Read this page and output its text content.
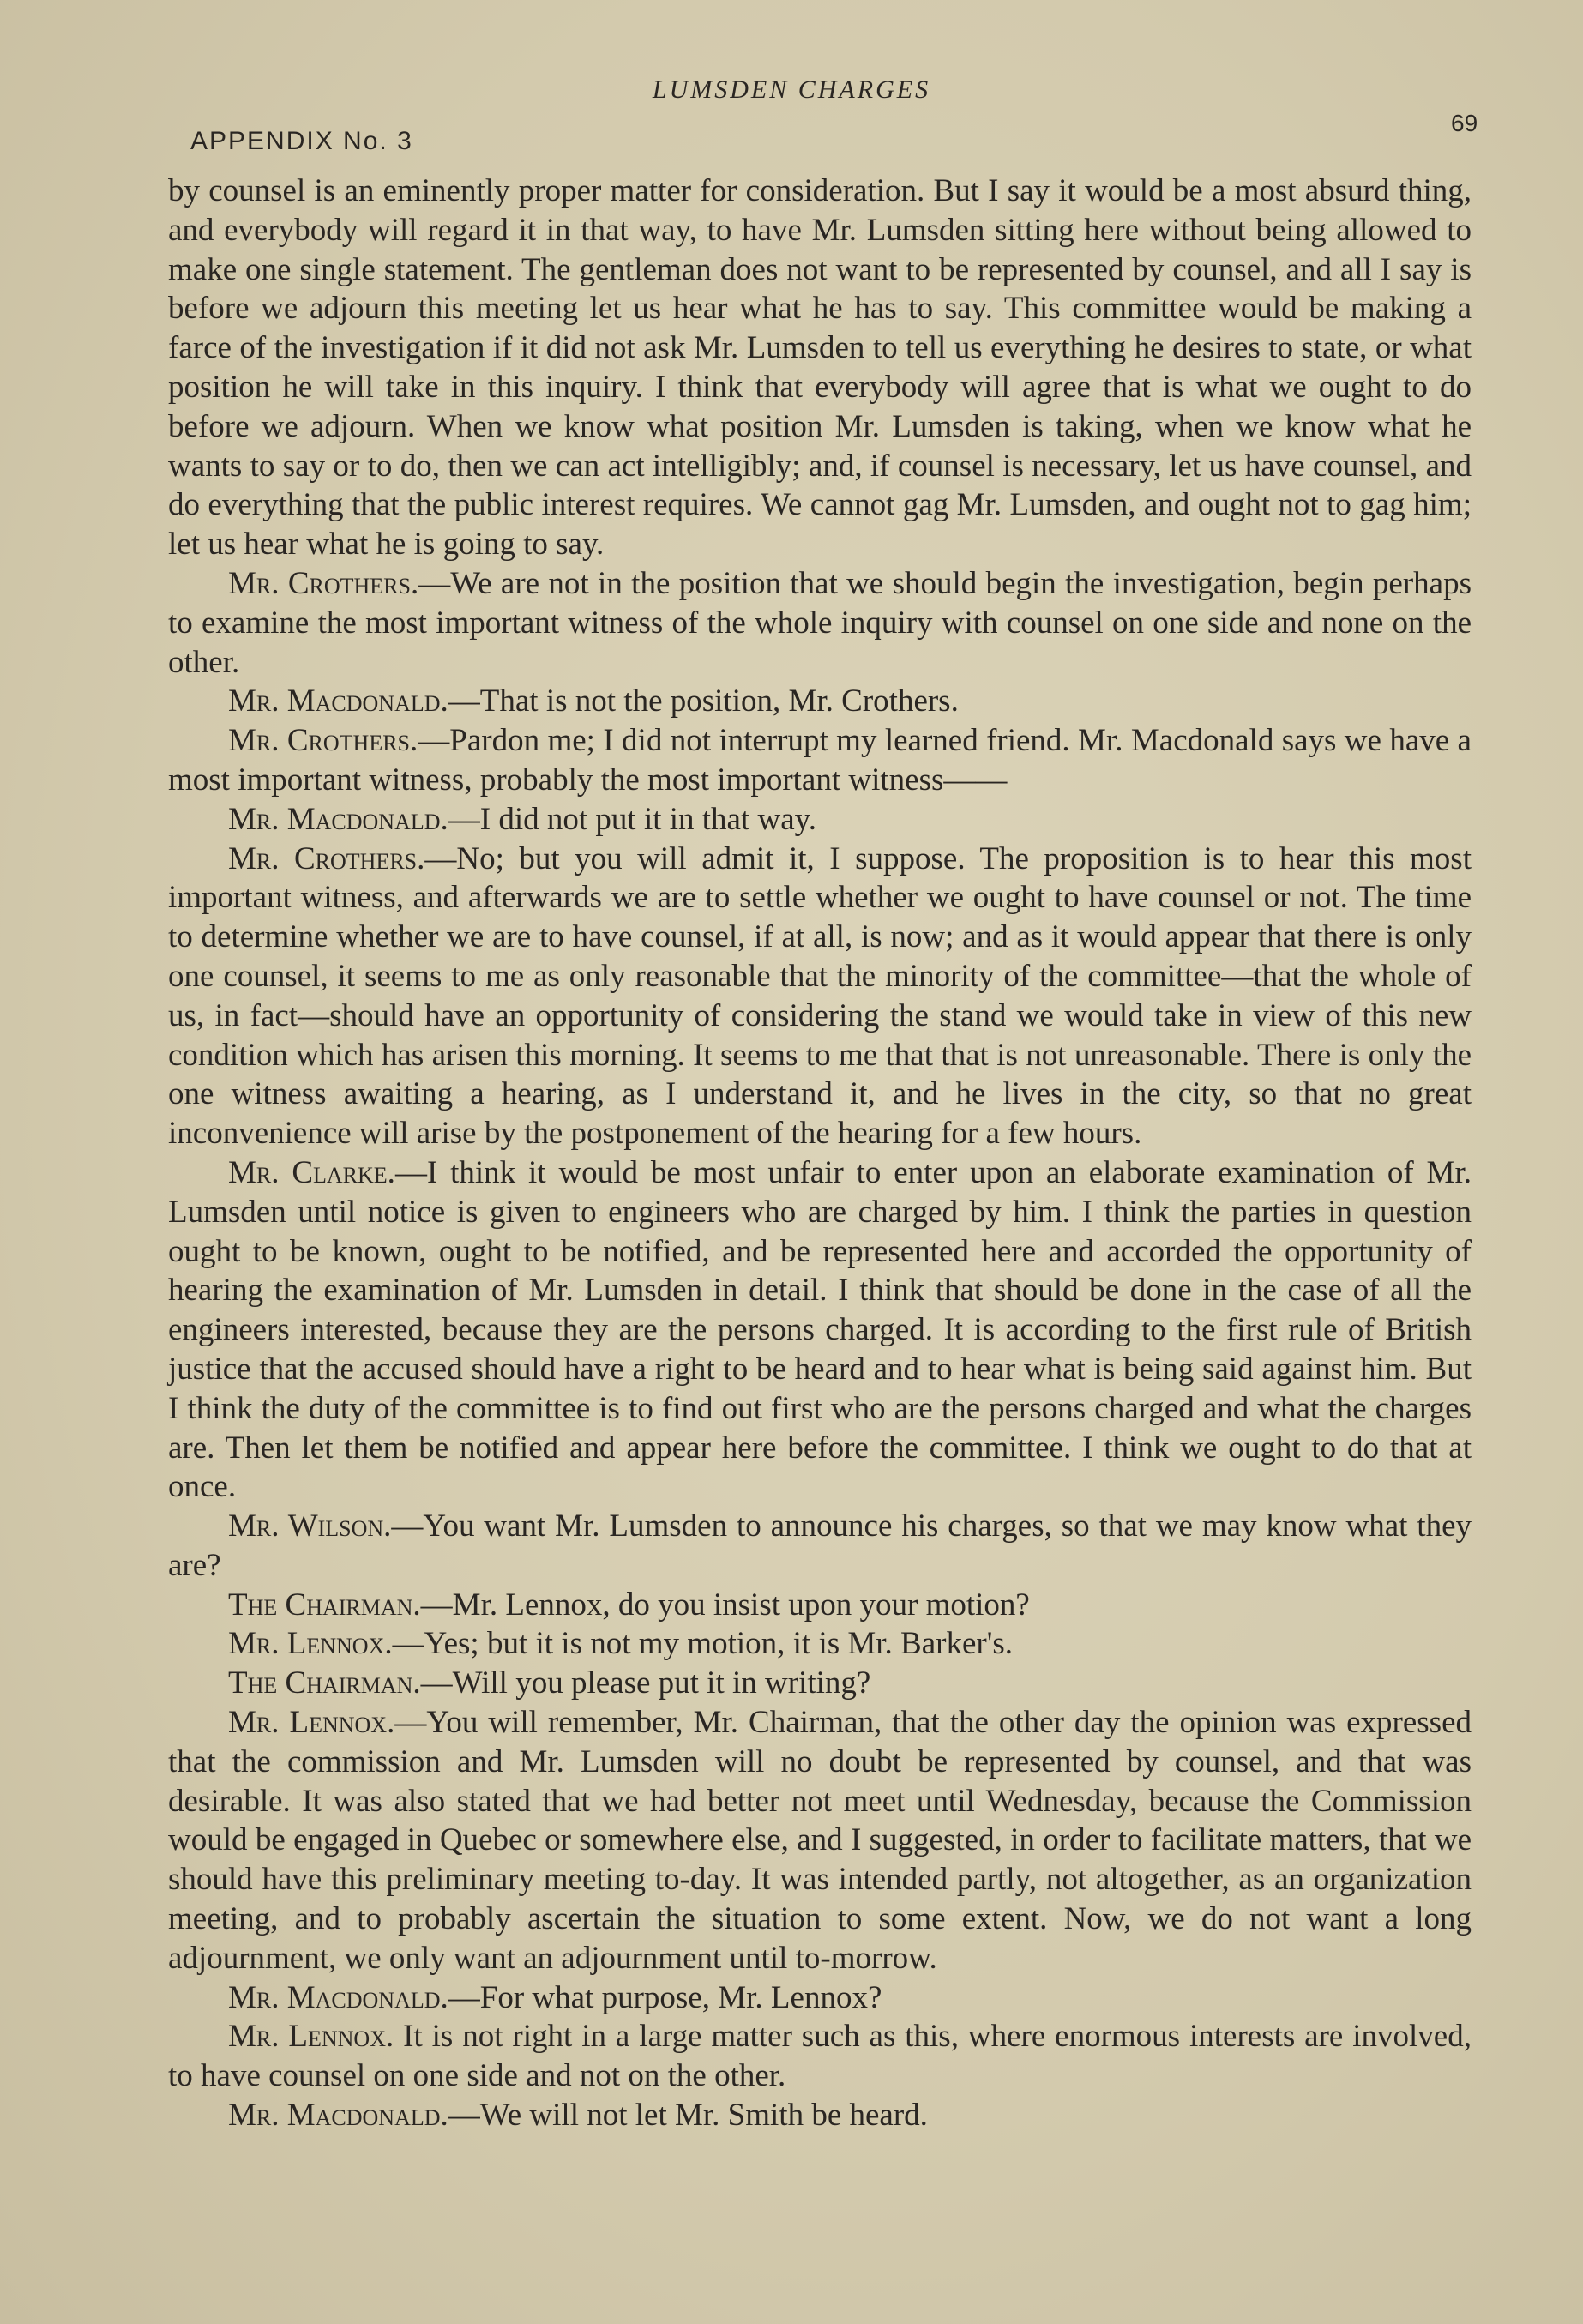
LUMSDEN CHARGES
APPENDIX No. 3
69

by counsel is an eminently proper matter for consideration. But I say it would be a most absurd thing, and everybody will regard it in that way, to have Mr. Lumsden sitting here without being allowed to make one single statement. The gentleman does not want to be represented by counsel, and all I say is before we adjourn this meeting let us hear what he has to say. This committee would be making a farce of the investigation if it did not ask Mr. Lumsden to tell us everything he desires to state, or what position he will take in this inquiry. I think that everybody will agree that is what we ought to do before we adjourn. When we know what position Mr. Lumsden is taking, when we know what he wants to say or to do, then we can act intelligibly; and, if counsel is necessary, let us have counsel, and do everything that the public interest requires. We cannot gag Mr. Lumsden, and ought not to gag him; let us hear what he is going to say.

Mr. Crothers.—We are not in the position that we should begin the investigation, begin perhaps to examine the most important witness of the whole inquiry with counsel on one side and none on the other.

Mr. Macdonald.—That is not the position, Mr. Crothers.

Mr. Crothers.—Pardon me; I did not interrupt my learned friend. Mr. Macdonald says we have a most important witness, probably the most important witness——

Mr. Macdonald.—I did not put it in that way.

Mr. Crothers.—No; but you will admit it, I suppose. The proposition is to hear this most important witness, and afterwards we are to settle whether we ought to have counsel or not. The time to determine whether we are to have counsel, if at all, is now; and as it would appear that there is only one counsel, it seems to me as only reasonable that the minority of the committee—that the whole of us, in fact—should have an opportunity of considering the stand we would take in view of this new condition which has arisen this morning. It seems to me that that is not unreasonable. There is only the one witness awaiting a hearing, as I understand it, and he lives in the city, so that no great inconvenience will arise by the postponement of the hearing for a few hours.

Mr. Clarke.—I think it would be most unfair to enter upon an elaborate examination of Mr. Lumsden until notice is given to engineers who are charged by him. I think the parties in question ought to be known, ought to be notified, and be represented here and accorded the opportunity of hearing the examination of Mr. Lumsden in detail. I think that should be done in the case of all the engineers interested, because they are the persons charged. It is according to the first rule of British justice that the accused should have a right to be heard and to hear what is being said against him. But I think the duty of the committee is to find out first who are the persons charged and what the charges are. Then let them be notified and appear here before the committee. I think we ought to do that at once.

Mr. Wilson.—You want Mr. Lumsden to announce his charges, so that we may know what they are?

The Chairman.—Mr. Lennox, do you insist upon your motion?

Mr. Lennox.—Yes; but it is not my motion, it is Mr. Barker's.

The Chairman.—Will you please put it in writing?

Mr. Lennox.—You will remember, Mr. Chairman, that the other day the opinion was expressed that the commission and Mr. Lumsden will no doubt be represented by counsel, and that was desirable. It was also stated that we had better not meet until Wednesday, because the Commission would be engaged in Quebec or somewhere else, and I suggested, in order to facilitate matters, that we should have this preliminary meeting to-day. It was intended partly, not altogether, as an organization meeting, and to probably ascertain the situation to some extent. Now, we do not want a long adjournment, we only want an adjournment until to-morrow.

Mr. Macdonald.—For what purpose, Mr. Lennox?

Mr. Lennox. It is not right in a large matter such as this, where enormous interests are involved, to have counsel on one side and not on the other.

Mr. Macdonald.—We will not let Mr. Smith be heard.
